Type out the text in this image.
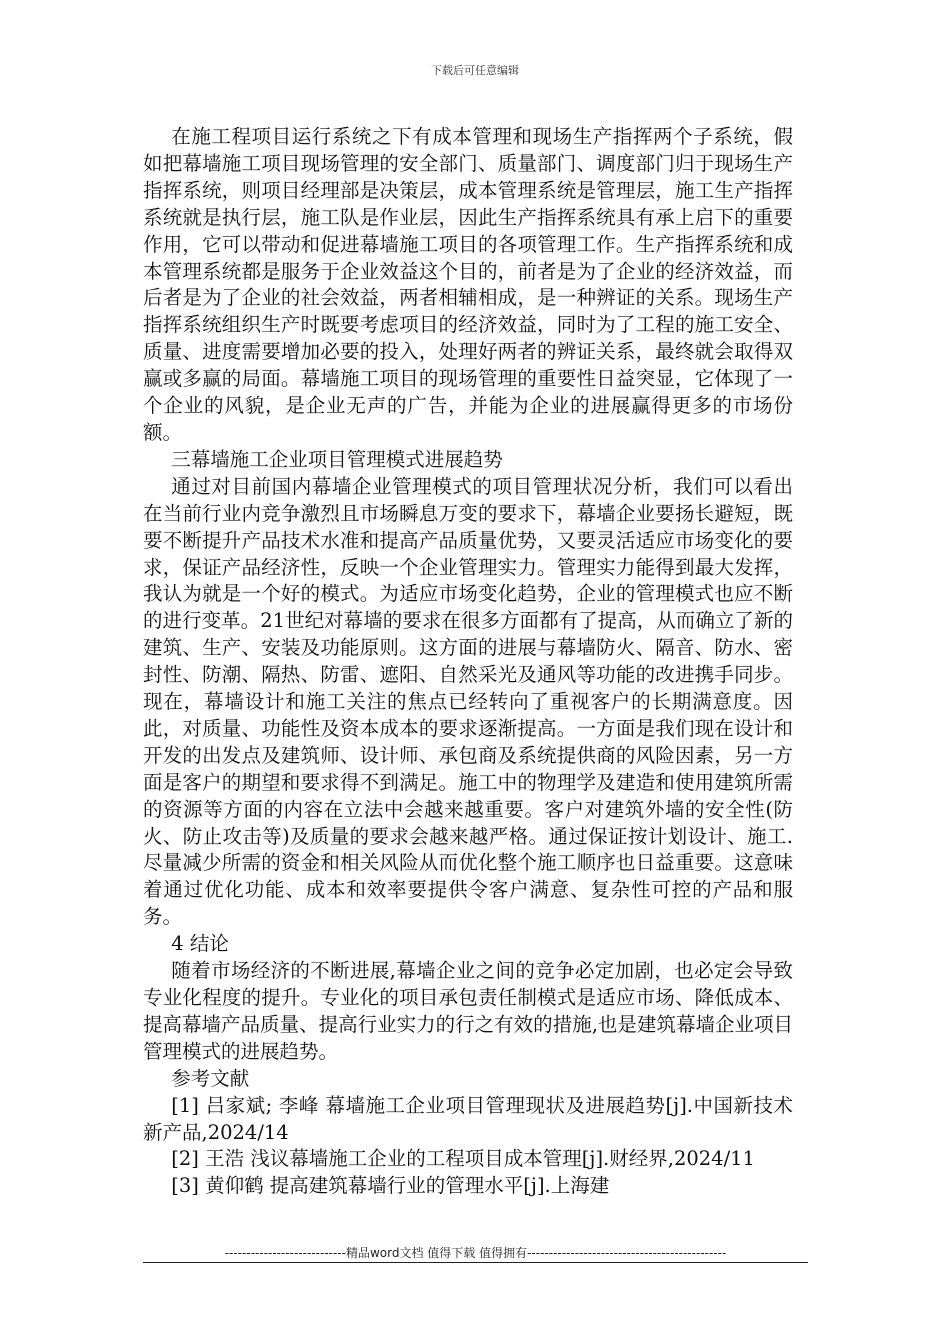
下载后可任意编辑

在施工程项目运行系统之下有成本管理和现场生产指挥两个子系统，假如把幕墙施工项目现场管理的安全部门、质量部门、调度部门归于现场生产指挥系统，则项目经理部是决策层，成本管理系统是管理层，施工生产指挥系统就是执行层，施工队是作业层，因此生产指挥系统具有承上启下的重要作用，它可以带动和促进幕墙施工项目的各项管理工作。生产指挥系统和成本管理系统都是服务于企业效益这个目的，前者是为了企业的经济效益，而后者是为了企业的社会效益，两者相辅相成，是一种辨证的关系。现场生产指挥系统组织生产时既要考虑项目的经济效益，同时为了工程的施工安全、质量、进度需要增加必要的投入，处理好两者的辨证关系，最终就会取得双赢或多赢的局面。幕墙施工项目的现场管理的重要性日益突显，它体现了一个企业的风貌，是企业无声的广告，并能为企业的进展赢得更多的市场份额。

三幕墙施工企业项目管理模式进展趋势

通过对目前国内幕墙企业管理模式的项目管理状况分析，我们可以看出在当前行业内竞争激烈且市场瞬息万变的要求下，幕墙企业要扬长避短，既要不断提升产品技术水准和提高产品质量优势，又要灵活适应市场变化的要求，保证产品经济性，反映一个企业管理实力。管理实力能得到最大发挥，我认为就是一个好的模式。为适应市场变化趋势，企业的管理模式也应不断的进行变革。21世纪对幕墙的要求在很多方面都有了提高，从而确立了新的建筑、生产、安装及功能原则。这方面的进展与幕墙防火、隔音、防水、密封性、防潮、隔热、防雷、遮阳、自然采光及通风等功能的改进携手同步。现在，幕墙设计和施工关注的焦点已经转向了重视客户的长期满意度。因此，对质量、功能性及资本成本的要求逐渐提高。一方面是我们现在设计和开发的出发点及建筑师、设计师、承包商及系统提供商的风险因素，另一方面是客户的期望和要求得不到满足。施工中的物理学及建造和使用建筑所需的资源等方面的内容在立法中会越来越重要。客户对建筑外墙的安全性(防火、防止攻击等)及质量的要求会越来越严格。通过保证按计划设计、施工.尽量减少所需的资金和相关风险从而优化整个施工顺序也日益重要。这意味着通过优化功能、成本和效率要提供令客户满意、复杂性可控的产品和服务。

4 结论

随着市场经济的不断进展,幕墙企业之间的竞争必定加剧，也必定会导致专业化程度的提升。专业化的项目承包责任制模式是适应市场、降低成本、提高幕墙产品质量、提高行业实力的行之有效的措施,也是建筑幕墙企业项目管理模式的进展趋势。

参考文献

[1] 吕家斌; 李峰 幕墙施工企业项目管理现状及进展趋势[j].中国新技术新产品,2024/14

[2] 王浩 浅议幕墙施工企业的工程项目成本管理[j].财经界,2024/11

[3] 黄仰鹤 提高建筑幕墙行业的管理水平[j].上海建

----------------------------精品word文档 值得下载 值得拥有----------------------------------------------
